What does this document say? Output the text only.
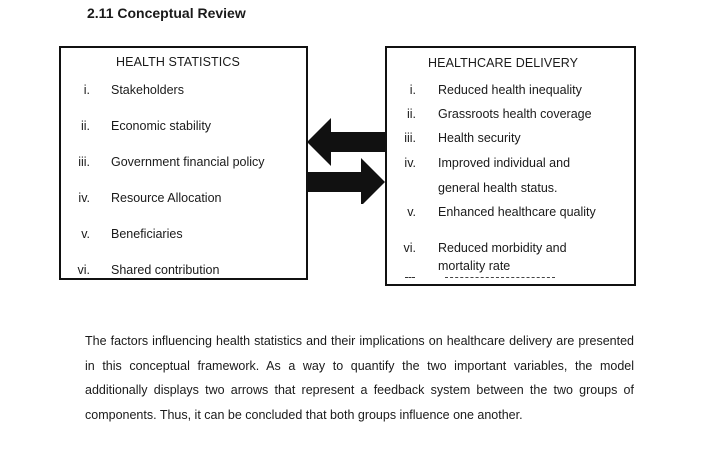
2.11 Conceptual Review
HEALTH STATISTICS
i. Stakeholders
ii. Economic stability
iii. Government financial policy
iv. Resource Allocation
v. Beneficiaries
vi. Shared contribution
HEALTHCARE DELIVERY
i. Reduced health inequality
ii. Grassroots health coverage
iii. Health security
iv. Improved individual and general health status.
v. Enhanced healthcare quality
vi. Reduced morbidity and mortality rate
The factors influencing health statistics and their implications on healthcare delivery are presented in this conceptual framework. As a way to quantify the two important variables, the model additionally displays two arrows that represent a feedback system between the two groups of components. Thus, it can be concluded that both groups influence one another.
